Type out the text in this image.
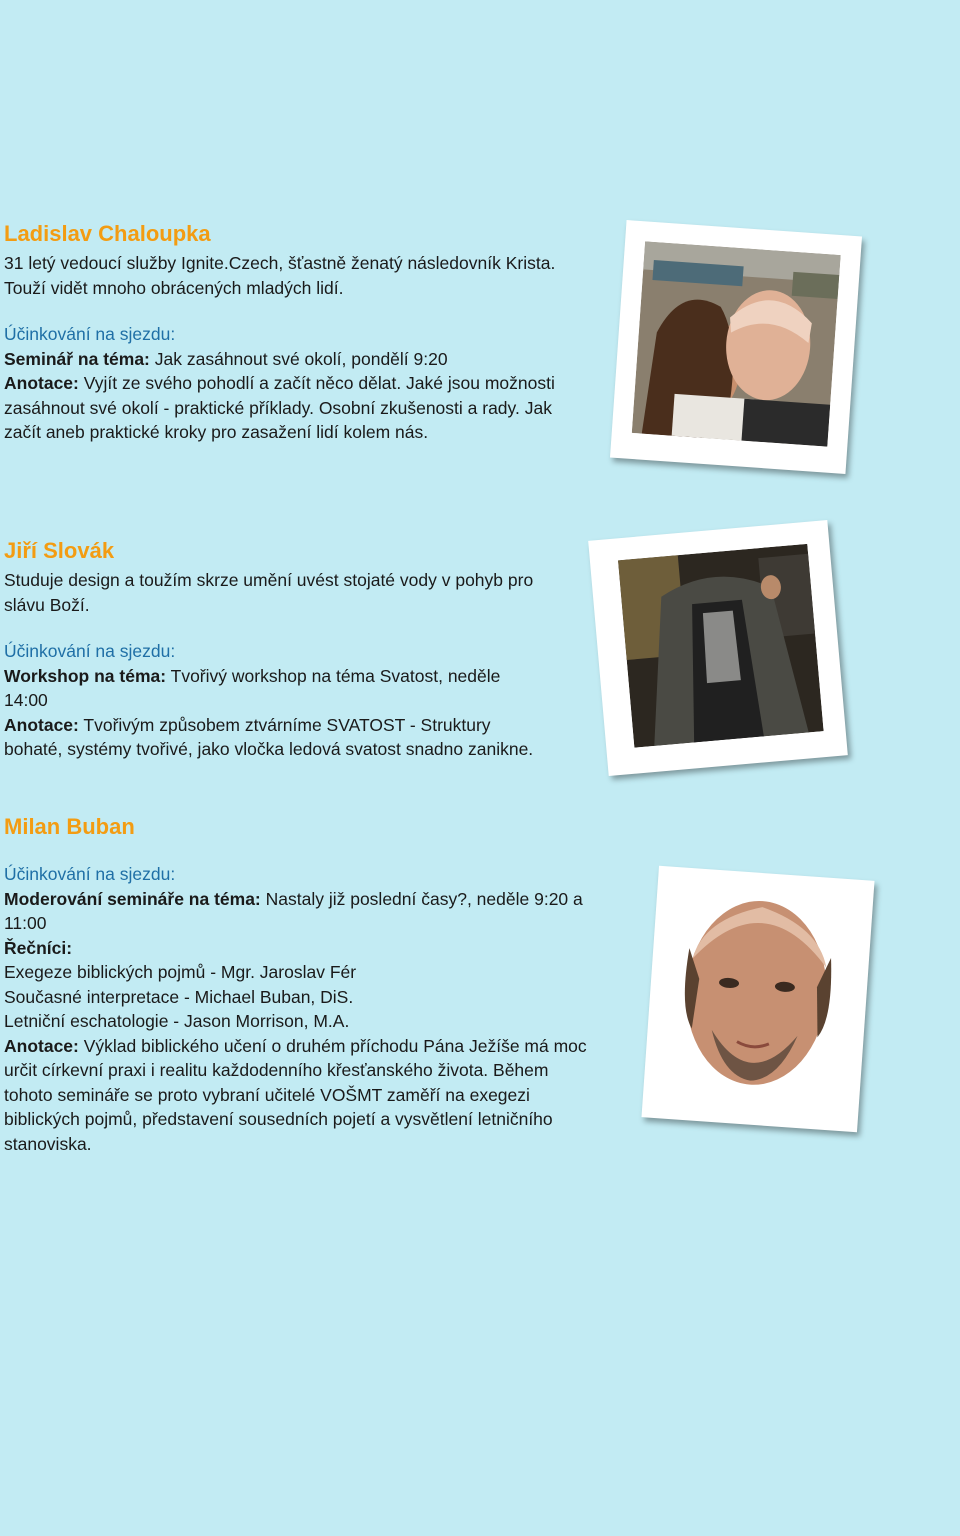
Ladislav Chaloupka

31 letý vedoucí služby Ignite.Czech, šťastně ženatý následovník Krista.

Touží vidět mnoho obrácených mladých lidí.

Účinkování na sjezdu:

Seminář na téma: Jak zasáhnout své okolí, pondělí 9:20

Anotace: Vyjít ze svého pohodlí a začít něco dělat. Jaké jsou možnosti

zasáhnout své okolí - praktické příklady. Osobní zkušenosti a rady. Jak

začít aneb praktické kroky pro zasažení lidí kolem nás.

Jiří Slovák

Studuje design a toužím skrze umění uvést stojaté vody v pohyb pro

slávu Boží.

Účinkování na sjezdu:

Workshop na téma: Tvořivý workshop na téma Svatost, neděle

14:00

Anotace: Tvořivým způsobem ztvárníme SVATOST - Struktury

bohaté, systémy tvořivé, jako vločka ledová svatost snadno zanikne.

Milan Buban

Účinkování na sjezdu:

Moderování semináře na téma: Nastaly již poslední časy?, neděle 9:20 a

11:00

Řečníci:

Exegeze biblických pojmů - Mgr. Jaroslav Fér

Současné interpretace - Michael Buban, DiS.

Letniční eschatologie - Jason Morrison, M.A.

Anotace: Výklad biblického učení o druhém příchodu Pána Ježíše má moc

určit církevní praxi i realitu každodenního křesťanského života. Během

tohoto semináře se proto vybraní učitelé VOŠMT zaměří na exegezi

biblických pojmů, představení sousedních pojetí a vysvětlení letničního

stanoviska.
